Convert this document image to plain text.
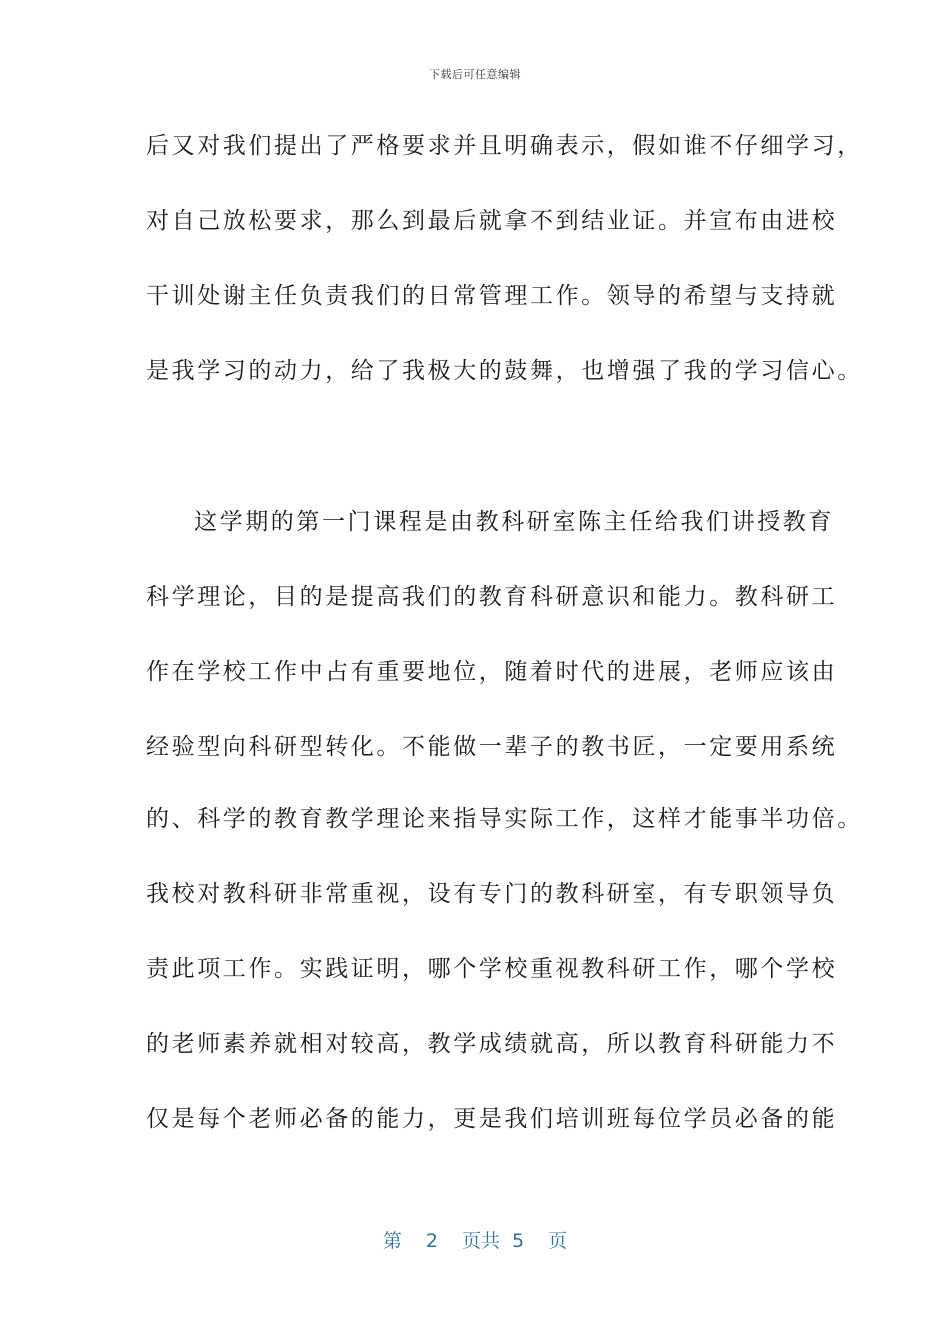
下载后可任意编辑
后又对我们提出了严格要求并且明确表示，假如谁不仔细学习，
对自己放松要求，那么到最后就拿不到结业证。并宣布由进校
干训处谢主任负责我们的日常管理工作。领导的希望与支持就
是我学习的动力，给了我极大的鼓舞，也增强了我的学习信心。
这学期的第一门课程是由教科研室陈主任给我们讲授教育
科学理论，目的是提高我们的教育科研意识和能力。教科研工
作在学校工作中占有重要地位，随着时代的进展，老师应该由
经验型向科研型转化。不能做一辈子的教书匠，一定要用系统
的、科学的教育教学理论来指导实际工作，这样才能事半功倍。
我校对教科研非常重视，设有专门的教科研室，有专职领导负
责此项工作。实践证明，哪个学校重视教科研工作，哪个学校
的老师素养就相对较高，教学成绩就高，所以教育科研能力不
仅是每个老师必备的能力，更是我们培训班每位学员必备的能
第 2 页共 5 页
